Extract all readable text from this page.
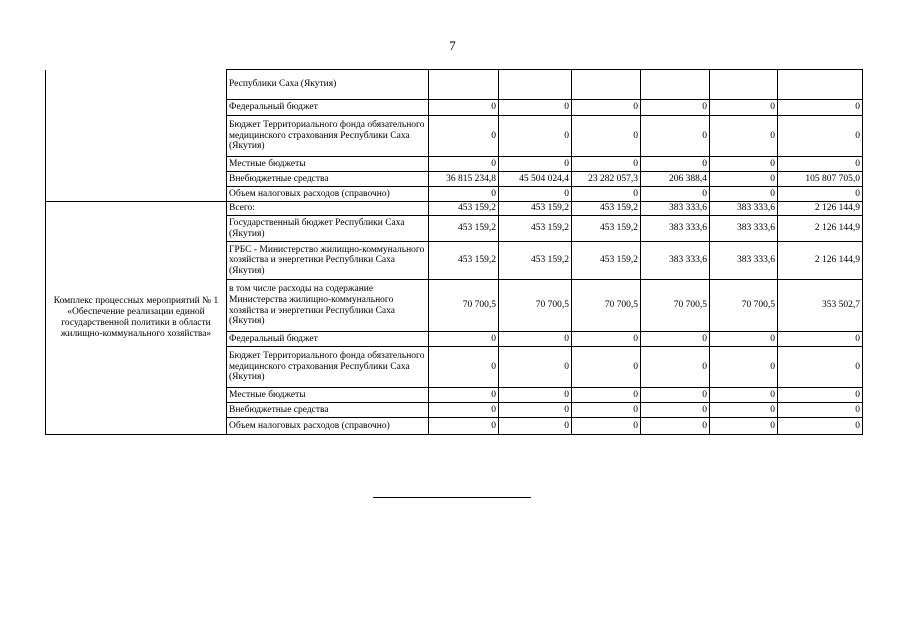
7
	Республики Саха (Якутия)						
	Федеральный бюджет	0	0	0	0	0	0
	Бюджет Территориального фонда обязательного медицинского страхования Республики Саха (Якутия)	0	0	0	0	0	0
	Местные бюджеты	0	0	0	0	0	0
	Внебюджетные средства	36 815 234,8	45 504 024,4	23 282 057,3	206 388,4	0	105 807 705,0
	Объем налоговых расходов (справочно)	0	0	0	0	0	0
Комплекс процессных мероприятий № 1 «Обеспечение реализации единой государственной политики в области жилищно-коммунального хозяйства»	Всего:	453 159,2	453 159,2	453 159,2	383 333,6	383 333,6	2 126 144,9
	Государственный бюджет Республики Саха (Якутия)	453 159,2	453 159,2	453 159,2	383 333,6	383 333,6	2 126 144,9
	ГРБС - Министерство жилищно-коммунального хозяйства и энергетики Республики Саха (Якутия)	453 159,2	453 159,2	453 159,2	383 333,6	383 333,6	2 126 144,9
	в том числе расходы на содержание Министерства жилищно-коммунального хозяйства и энергетики Республики Саха (Якутия)	70 700,5	70 700,5	70 700,5	70 700,5	70 700,5	353 502,7
	Федеральный бюджет	0	0	0	0	0	0
	Бюджет Территориального фонда обязательного медицинского страхования Республики Саха (Якутия)	0	0	0	0	0	0
	Местные бюджеты	0	0	0	0	0	0
	Внебюджетные средства	0	0	0	0	0	0
	Объем налоговых расходов (справочно)	0	0	0	0	0	0
